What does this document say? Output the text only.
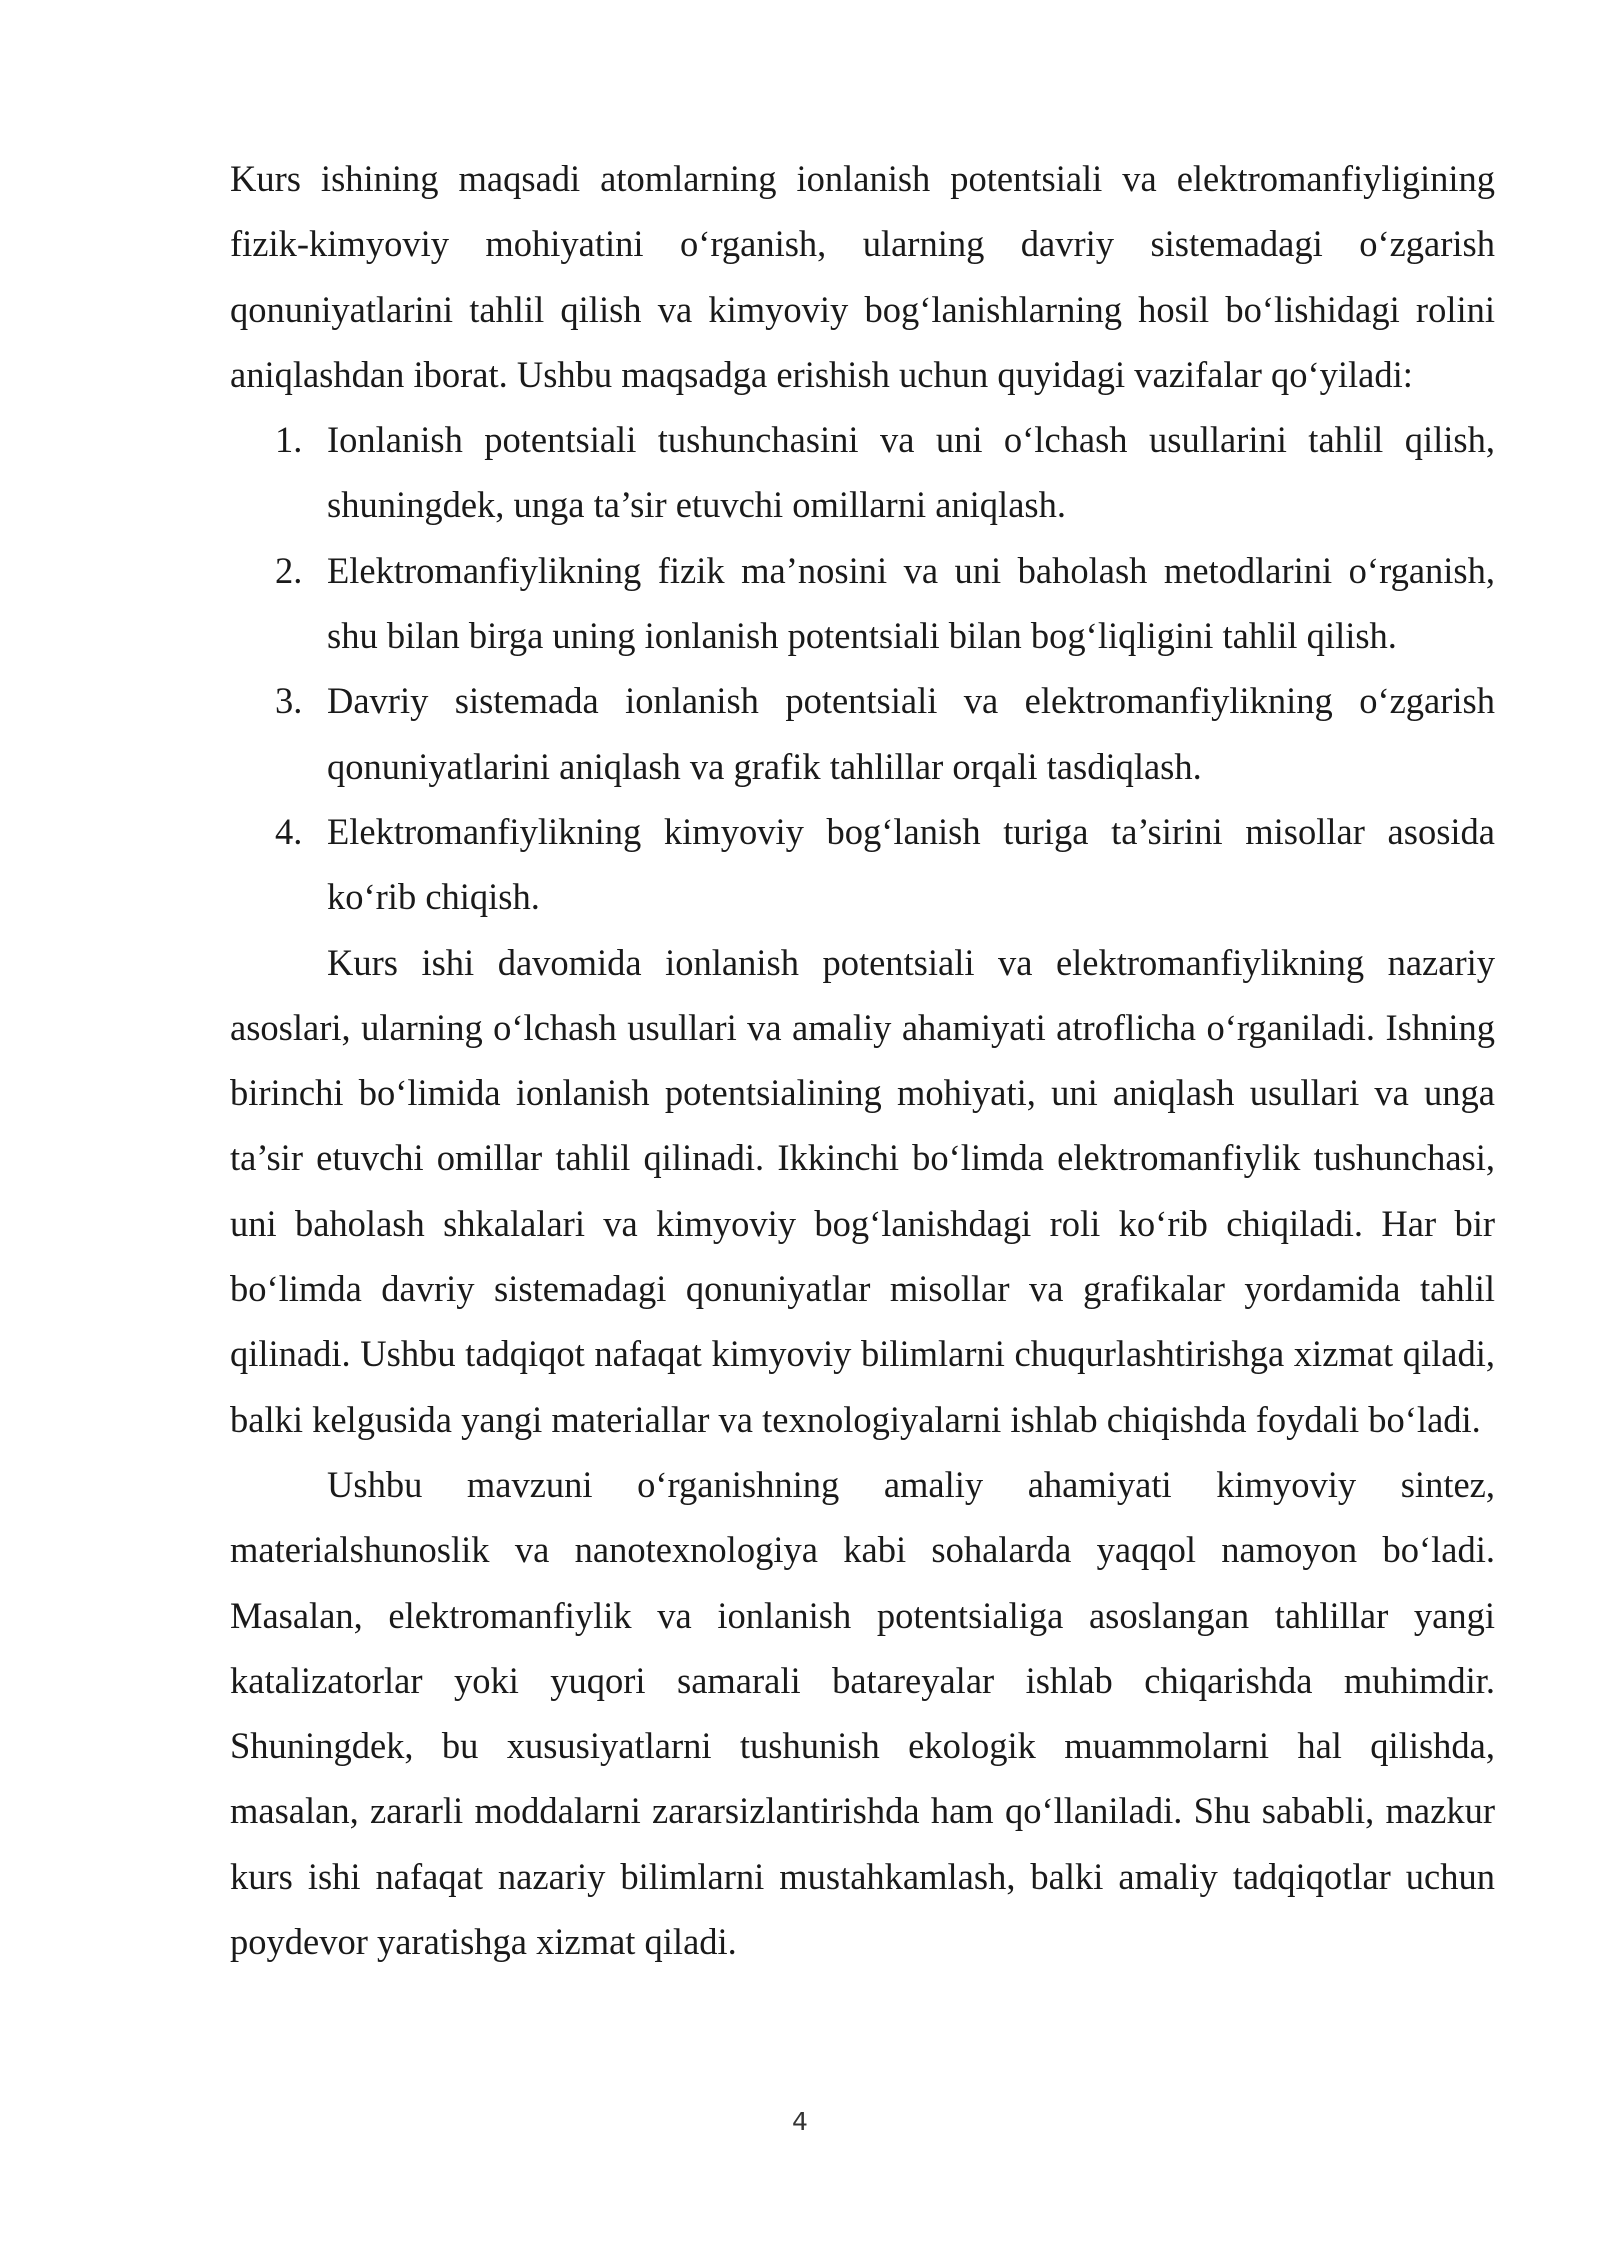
Kurs ishining maqsadi atomlarning ionlanish potentsiali va elektromanfiyligining fizik-kimyoviy mohiyatini o‘rganish, ularning davriy sistemadagi o‘zgarish qonuniyatlarini tahlil qilish va kimyoviy bog‘lanishlarning hosil bo‘lishidagi rolini aniqlashdan iborat. Ushbu maqsadga erishish uchun quyidagi vazifalar qo‘yiladi:

1. Ionlanish potentsiali tushunchasini va uni o‘lchash usullarini tahlil qilish, shuningdek, unga ta’sir etuvchi omillarni aniqlash.
2. Elektromanfiylikning fizik ma’nosini va uni baholash metodlarini o‘rganish, shu bilan birga uning ionlanish potentsiali bilan bog‘liqligini tahlil qilish.
3. Davriy sistemada ionlanish potentsiali va elektromanfiylikning o‘zgarish qonuniyatlarini aniqlash va grafik tahlillar orqali tasdiqlash.
4. Elektromanfiylikning kimyoviy bog‘lanish turiga ta’sirini misollar asosida ko‘rib chiqish.

Kurs ishi davomida ionlanish potentsiali va elektromanfiylikning nazariy asoslari, ularning o‘lchash usullari va amaliy ahamiyati atroflicha o‘rganiladi. Ishning birinchi bo‘limida ionlanish potentsialining mohiyati, uni aniqlash usullari va unga ta’sir etuvchi omillar tahlil qilinadi. Ikkinchi bo‘limda elektromanfiylik tushunchasi, uni baholash shkalalari va kimyoviy bog‘lanishdagi roli ko‘rib chiqiladi. Har bir bo‘limda davriy sistemadagi qonuniyatlar misollar va grafikalar yordamida tahlil qilinadi. Ushbu tadqiqot nafaqat kimyoviy bilimlarni chuqurlashtirishga xizmat qiladi, balki kelgusida yangi materiallar va texnologiyalarni ishlab chiqishda foydali bo‘ladi.

Ushbu mavzuni o‘rganishning amaliy ahamiyati kimyoviy sintez, materialshunoslik va nanotexnologiya kabi sohalarda yaqqol namoyon bo‘ladi. Masalan, elektromanfiylik va ionlanish potentsialiga asoslangan tahlillar yangi katalizatorlar yoki yuqori samarali batareyalar ishlab chiqarishda muhimdir. Shuningdek, bu xususiyatlarni tushunish ekologik muammolarni hal qilishda, masalan, zararli moddalarni zararsizlantirishda ham qo‘llaniladi. Shu sababli, mazkur kurs ishi nafaqat nazariy bilimlarni mustahkamlash, balki amaliy tadqiqotlar uchun poydevor yaratishga xizmat qiladi.

4
